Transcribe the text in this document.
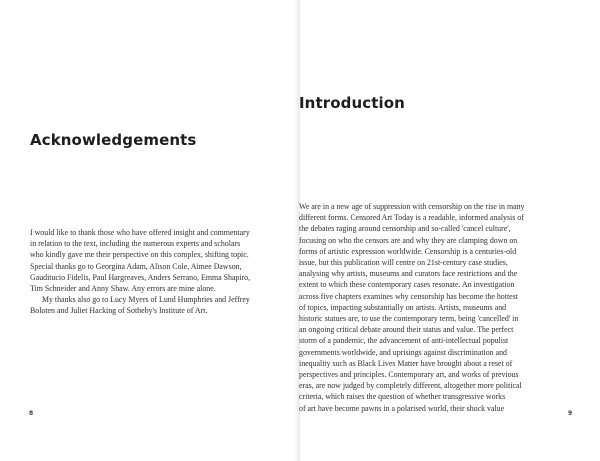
Acknowledgements

I would like to thank those who have offered insight and commentary
in relation to the text, including the numerous experts and scholars
who kindly gave me their perspective on this complex, shifting topic.
Special thanks go to Georgina Adam, Alison Cole, Aimee Dawson,
Gauditucio Fidelis, Paul Hargreaves, Anders Serrano, Emma Shapiro,
Tim Schneider and Anny Shaw. Any errors are mine alone.

My thanks also go to Lucy Myers of Lund Humphries and Jeffrey
Boloten and Juliet Hacking of Sotheby's Institute of Art.

8
Introduction
We are in a new age of suppression with censorship on the rise in many
different forms. Censored Art Today is a readable, informed analysis of
the debates raging around censorship and so-called 'cancel culture',
focusing on who the censors are and why they are clamping down on
forms of artistic expression worldwide. Censorship is a centuries-old
issue, but this publication will centre on 21st-century case studies,
analysing why artists, museums and curators face restrictions and the
extent to which these contemporary cases resonate. An investigation
across five chapters examines why censorship has become the hottest
of topics, impacting substantially on artists. Artists, museums and
historic statues are, to use the contemporary term, being 'cancelled' in
an ongoing critical debate around their status and value. The perfect
storm of a pandemic, the advancement of anti-intellectual populist
governments worldwide, and uprisings against discrimination and
inequality such as Black Lives Matter have brought about a reset of
perspectives and principles. Contemporary art, and works of previous
eras, are now judged by completely different, altogether more political
criteria, which raises the question of whether transgressive works
of art have become pawns in a polarised world, their shock value
9
